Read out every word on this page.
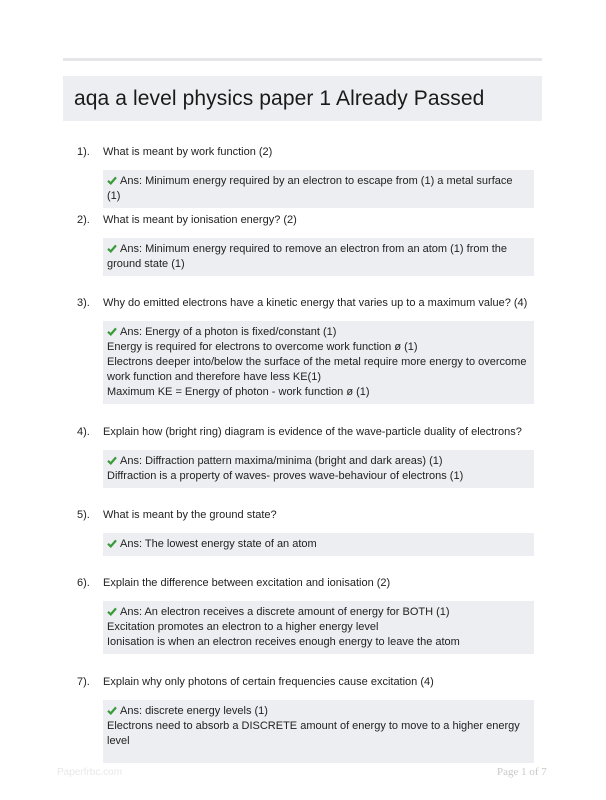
aqa a level physics paper 1 Already Passed
1). What is meant by work function (2)
Ans: Minimum energy required by an electron to escape from (1) a metal surface (1)
2). What is meant by ionisation energy? (2)
Ans: Minimum energy required to remove an electron from an atom (1) from the
ground state (1)
3). Why do emitted electrons have a kinetic energy that varies up to a maximum value? (4)
Ans: Energy of a photon is fixed/constant (1)
Energy is required for electrons to overcome work function ø (1)
Electrons deeper into/below the surface of the metal require more energy to overcome
work function and therefore have less KE(1)
Maximum KE = Energy of photon - work function ø (1)
4). Explain how (bright ring) diagram is evidence of the wave-particle duality of electrons?
Ans: Diffraction pattern maxima/minima (bright and dark areas) (1)
Diffraction is a property of waves- proves wave-behaviour of electrons (1)
5). What is meant by the ground state?
Ans: The lowest energy state of an atom
6). Explain the difference between excitation and ionisation (2)
Ans: An electron receives a discrete amount of energy for BOTH (1)
Excitation promotes an electron to a higher energy level
Ionisation is when an electron receives enough energy to leave the atom
7). Explain why only photons of certain frequencies cause excitation (4)
Ans: discrete energy levels (1)
Electrons need to absorb a DISCRETE amount of energy to move to a higher energy level
Paperfrbc.com	Page 1 of 7
